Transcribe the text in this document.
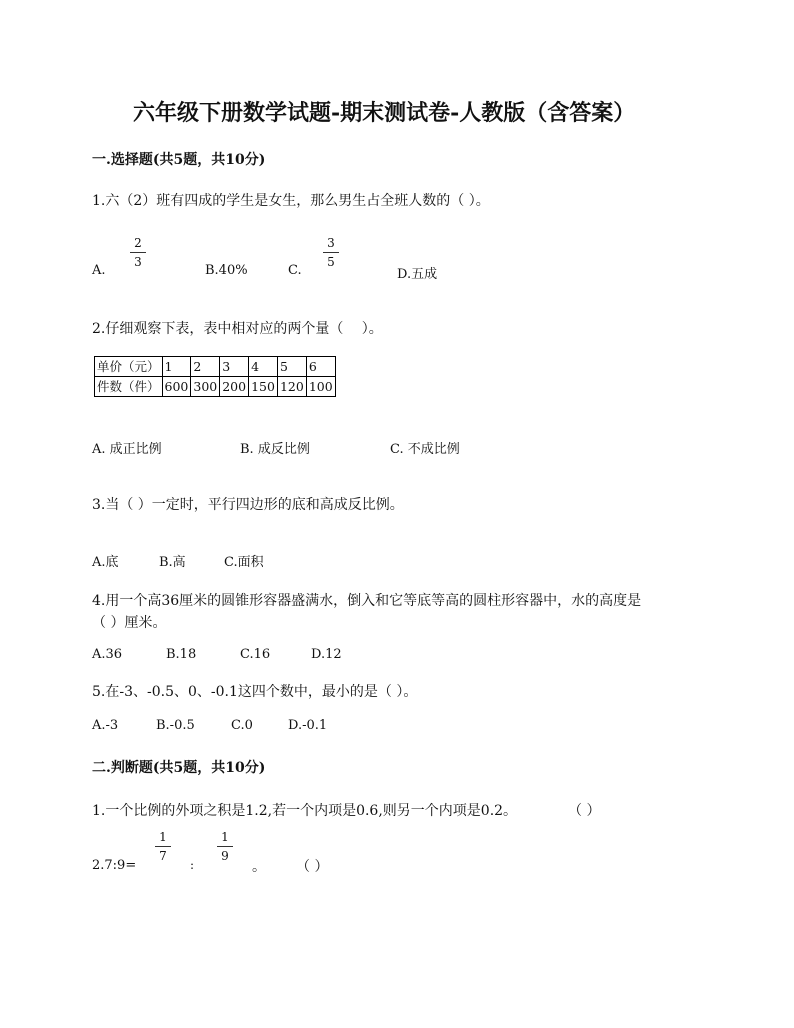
六年级下册数学试题-期末测试卷-人教版（含答案）
一.选择题(共5题，共10分)
1.六（2）班有四成的学生是女生，那么男生占全班人数的（ ）。
A.
2
3
B.40%	C.
3
5
D.五成
2.仔细观察下表，表中相对应的两个量（　 ）。
单价（元）	1	2	3	4	5	6
件数（件）	600	300	200	150	120	100
A. 成正比例	B. 成反比例	C. 不成比例
3.当（ ）一定时，平行四边形的底和高成反比例。
A.底	B.高	C.面积
4.用一个高36厘米的圆锥形容器盛满水，倒入和它等底等高的圆柱形容器中，水的高度是
（ ）厘米。
A.36	B.18	C.16	D.12
5.在-3、-0.5、0、-0.1这四个数中，最小的是（ ）。
A.-3	B.-0.5	C.0	D.-0.1
二.判断题(共5题，共10分)
1.一个比例的外项之积是1.2,若一个内项是0.6,则另一个内项是0.2。	（ ）
2.7:9=
1
7
:
1
9
。 （ ）
